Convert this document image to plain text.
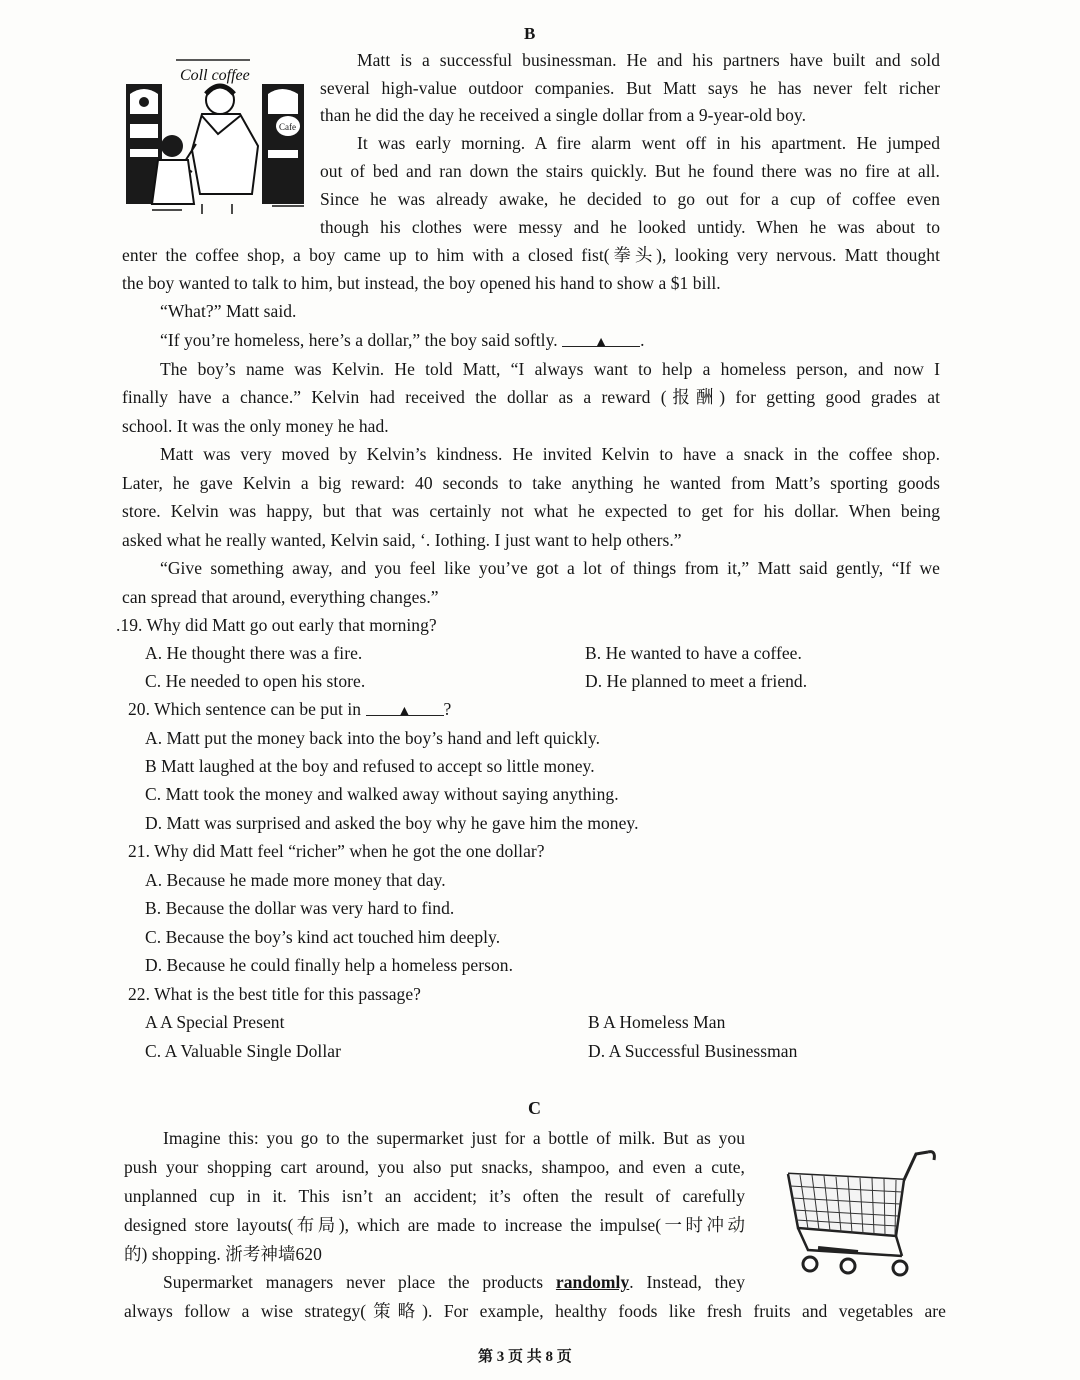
B
Coll coffee
Cafe
Matt is a successful businessman. He and his partners have built and sold
several high-value outdoor companies. But Matt says he has never felt richer
than he did the day he received a single dollar from a 9-year-old boy.
It was early morning. A fire alarm went off in his apartment. He jumped
out of bed and ran down the stairs quickly. But he found there was no fire at all.
Since he was already awake, he decided to go out for a cup of coffee even
though his clothes were messy and he looked untidy. When he was about to
enter the coffee shop, a boy came up to him with a closed fist(拳头), looking very nervous. Matt thought
the boy wanted to talk to him, but instead, the boy opened his hand to show a $1 bill.
“What?” Matt said.
“If you’re homeless, here’s a dollar,” the boy said softly.	▲ .
The boy’s name was Kelvin. He told Matt, “I always want to help a homeless person, and now I
finally have a chance.” Kelvin had received the dollar as a reward (报酬) for getting good grades at
school. It was the only money he had.
Matt was very moved by Kelvin’s kindness. He invited Kelvin to have a snack in the coffee shop.
Later, he gave Kelvin a big reward: 40 seconds to take anything he wanted from Matt’s sporting goods
store. Kelvin was happy, but that was certainly not what he expected to get for his dollar. When being
asked what he really wanted, Kelvin said, ‘. Iothing. I just want to help others.”
“Give something away, and you feel like you’ve got a lot of things from it,” Matt said gently, “If we
can spread that around, everything changes.”
.19. Why did Matt go out early that morning?
A. He thought there was a fire.	B. He wanted to have a coffee.
C. He needed to open his store.	D. He planned to meet a friend.
20. Which sentence can be put in	▲ ?
A. Matt put the money back into the boy’s hand and left quickly.
B Matt laughed at the boy and refused to accept so little money.
C. Matt took the money and walked away without saying anything.
D. Matt was surprised and asked the boy why he gave him the money.
21. Why did Matt feel “richer” when he got the one dollar?
A. Because he made more money that day.
B. Because the dollar was very hard to find.
C. Because the boy’s kind act touched him deeply.
D. Because he could finally help a homeless person.
22. What is the best title for this passage?
A A Special Present	B A Homeless Man
C. A Valuable Single Dollar	D. A Successful Businessman
C
Imagine this: you go to the supermarket just for a bottle of milk. But as you
push your shopping cart around, you also put snacks, shampoo, and even a cute,
unplanned cup in it. This isn’t an accident; it’s often the result of carefully
designed store layouts(布局), which are made to increase the impulse(一时冲动
的) shopping. 浙考神墙620
Supermarket managers never place the products randomly. Instead, they
always follow a wise strategy(策略). For example, healthy foods like fresh fruits and vegetables are
第 3 页 共 8 页
